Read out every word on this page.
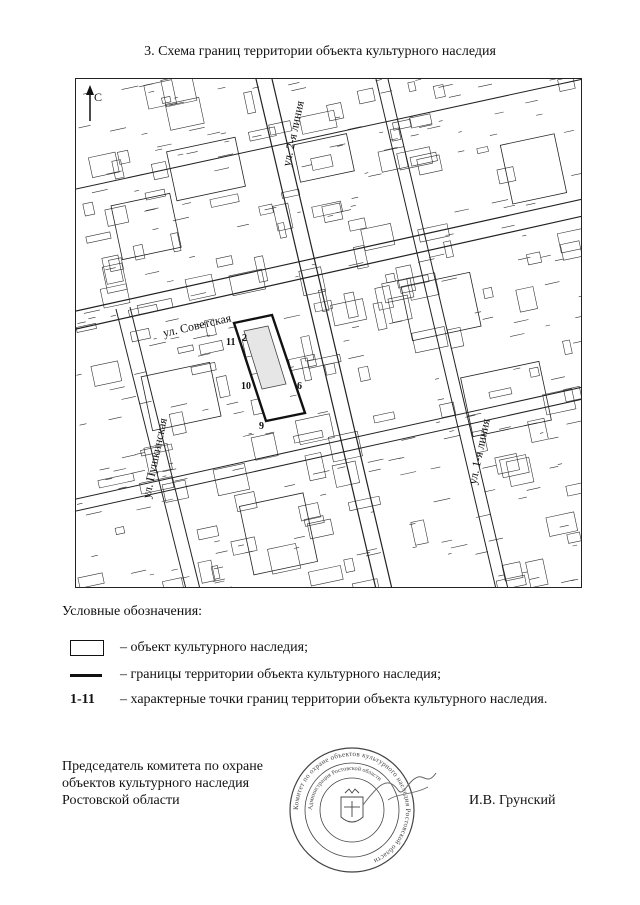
3. Схема границ территории объекта культурного наследия
ул. Советская
ул. 2-я линия
ул. 1-я линия
ул. Пушкинская
2
11
10	6
9
С
Условные обозначения:
– объект культурного наследия;
– границы территории объекта культурного наследия;
1-11 – характерные точки границ территории объекта культурного наследия.
Председатель комитета по охране
объектов культурного наследия
Ростовской области	Комитет по охране объектов культурного наследия Ростовской области
Администрация Ростовской области
И.В. Грунский
